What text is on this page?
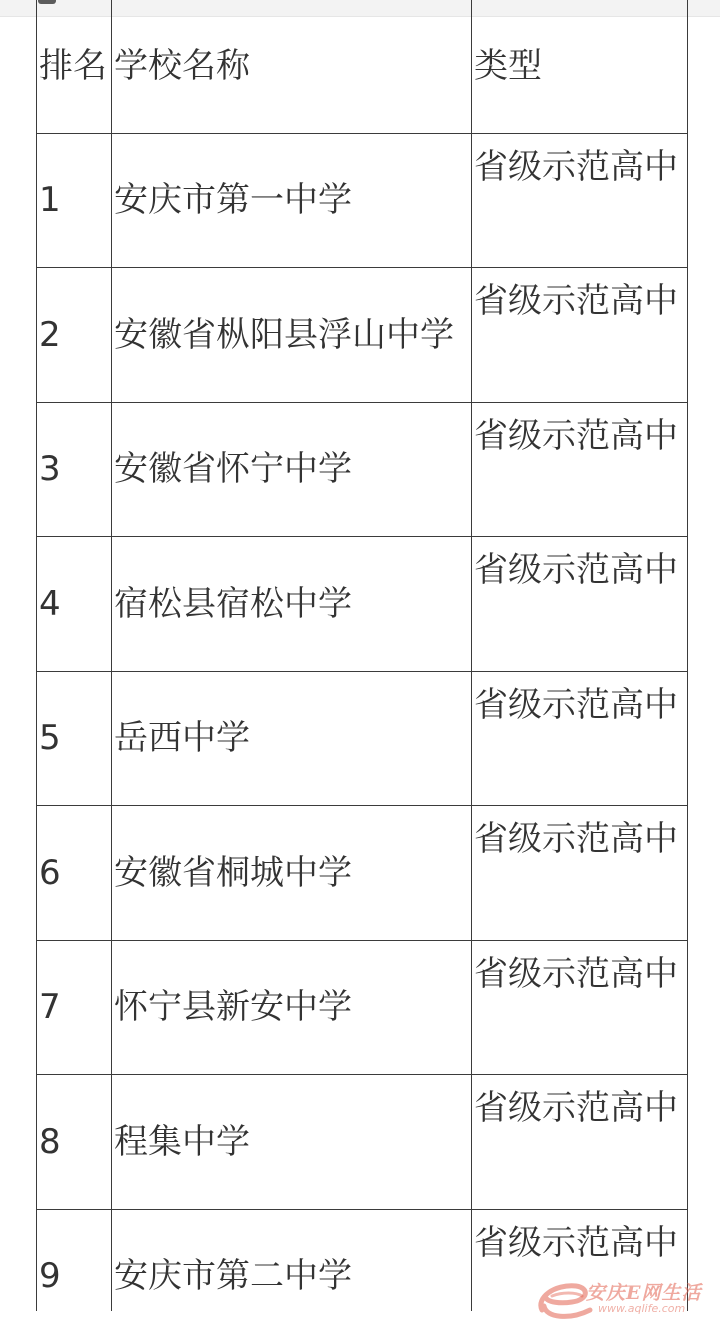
排名	学校名称	类型
1	安庆市第一中学	省级示范高中
2	安徽省枞阳县浮山中学	省级示范高中
3	安徽省怀宁中学	省级示范高中
4	宿松县宿松中学	省级示范高中
5	岳西中学	省级示范高中
6	安徽省桐城中学	省级示范高中
7	怀宁县新安中学	省级示范高中
8	程集中学	省级示范高中
9	安庆市第二中学	省级示范高中
安庆E网生活
www.aqlife.com
